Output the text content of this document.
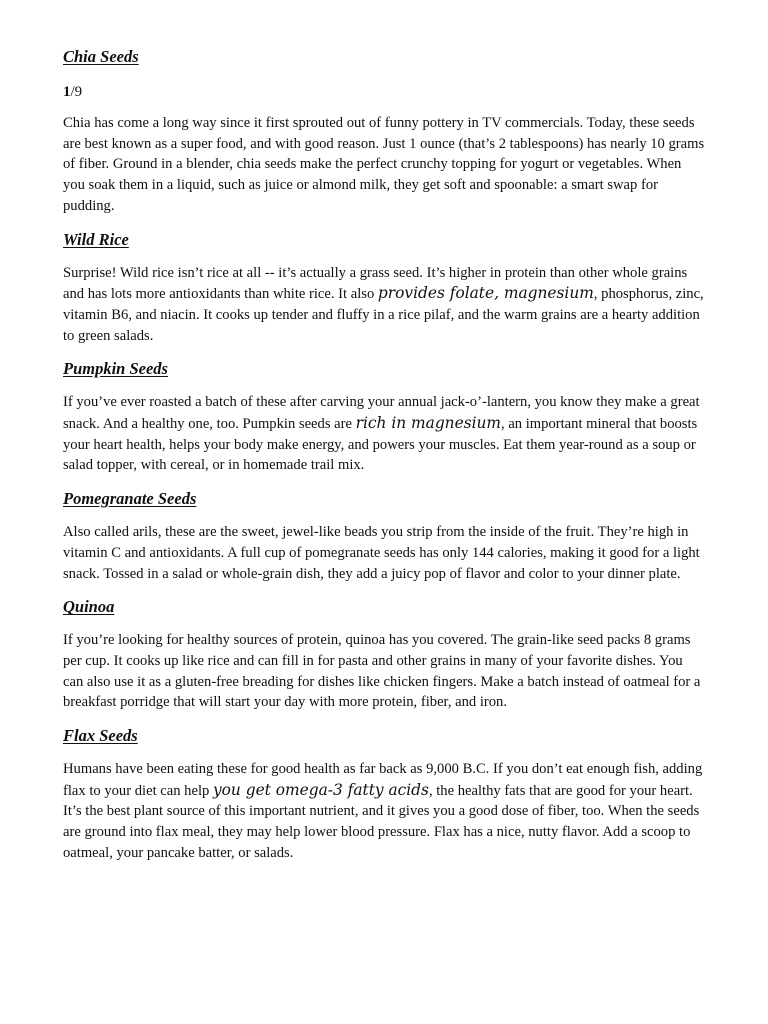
Chia Seeds
1/9

Chia has come a long way since it first sprouted out of funny pottery in TV commercials. Today, these seeds are best known as a super food, and with good reason. Just 1 ounce (that’s 2 tablespoons) has nearly 10 grams of fiber. Ground in a blender, chia seeds make the perfect crunchy topping for yogurt or vegetables. When you soak them in a liquid, such as juice or almond milk, they get soft and spoonable: a smart swap for pudding.

Wild Rice

Surprise! Wild rice isn’t rice at all -- it’s actually a grass seed. It’s higher in protein than other whole grains and has lots more antioxidants than white rice. It also provides folate, magnesium, phosphorus, zinc, vitamin B6, and niacin. It cooks up tender and fluffy in a rice pilaf, and the warm grains are a hearty addition to green salads.

Pumpkin Seeds

If you’ve ever roasted a batch of these after carving your annual jack-o’-lantern, you know they make a great snack. And a healthy one, too. Pumpkin seeds are rich in magnesium, an important mineral that boosts your heart health, helps your body make energy, and powers your muscles. Eat them year-round as a soup or salad topper, with cereal, or in homemade trail mix.

Pomegranate Seeds

Also called arils, these are the sweet, jewel-like beads you strip from the inside of the fruit. They’re high in vitamin C and antioxidants. A full cup of pomegranate seeds has only 144 calories, making it good for a light snack. Tossed in a salad or whole-grain dish, they add a juicy pop of flavor and color to your dinner plate.

Quinoa

If you’re looking for healthy sources of protein, quinoa has you covered. The grain-like seed packs 8 grams per cup. It cooks up like rice and can fill in for pasta and other grains in many of your favorite dishes. You can also use it as a gluten-free breading for dishes like chicken fingers. Make a batch instead of oatmeal for a breakfast porridge that will start your day with more protein, fiber, and iron.

Flax Seeds

Humans have been eating these for good health as far back as 9,000 B.C. If you don’t eat enough fish, adding flax to your diet can help you get omega-3 fatty acids, the healthy fats that are good for your heart. It’s the best plant source of this important nutrient, and it gives you a good dose of fiber, too. When the seeds are ground into flax meal, they may help lower blood pressure. Flax has a nice, nutty flavor. Add a scoop to oatmeal, your pancake batter, or salads.
